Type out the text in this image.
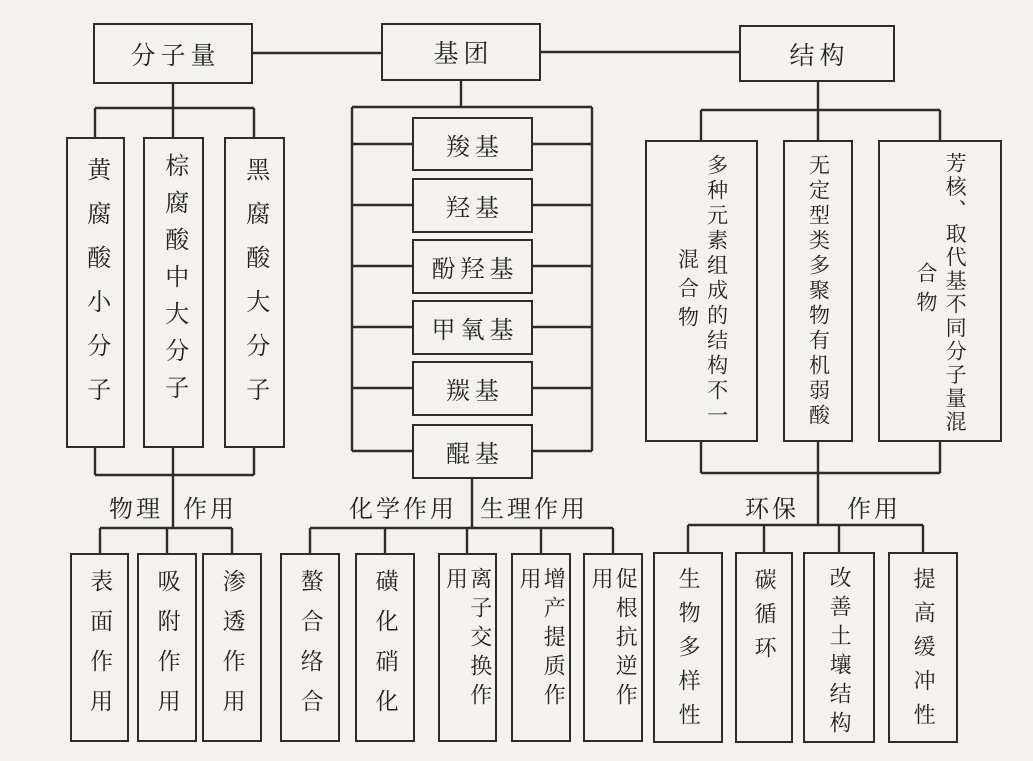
分子量	基团	结构
黄腐酸小分子 棕腐酸中大分子 黑腐酸大分子
羧基
羟基
酚羟基
甲氧基
羰基
醌基
多种元素组成的结构不一
混合物	无定型类多聚物有机弱酸	芳核、取代基不同分子量混
合物
物理 作用	化学作用 生理作用	环保 作用
表面作用 吸附作用 渗透作用 螯合络合 磺化硝化	离子交换作用	增产提质作用	促根抗逆作用	生物多样性 碳循环 改善土壤结构	提高缓冲性
